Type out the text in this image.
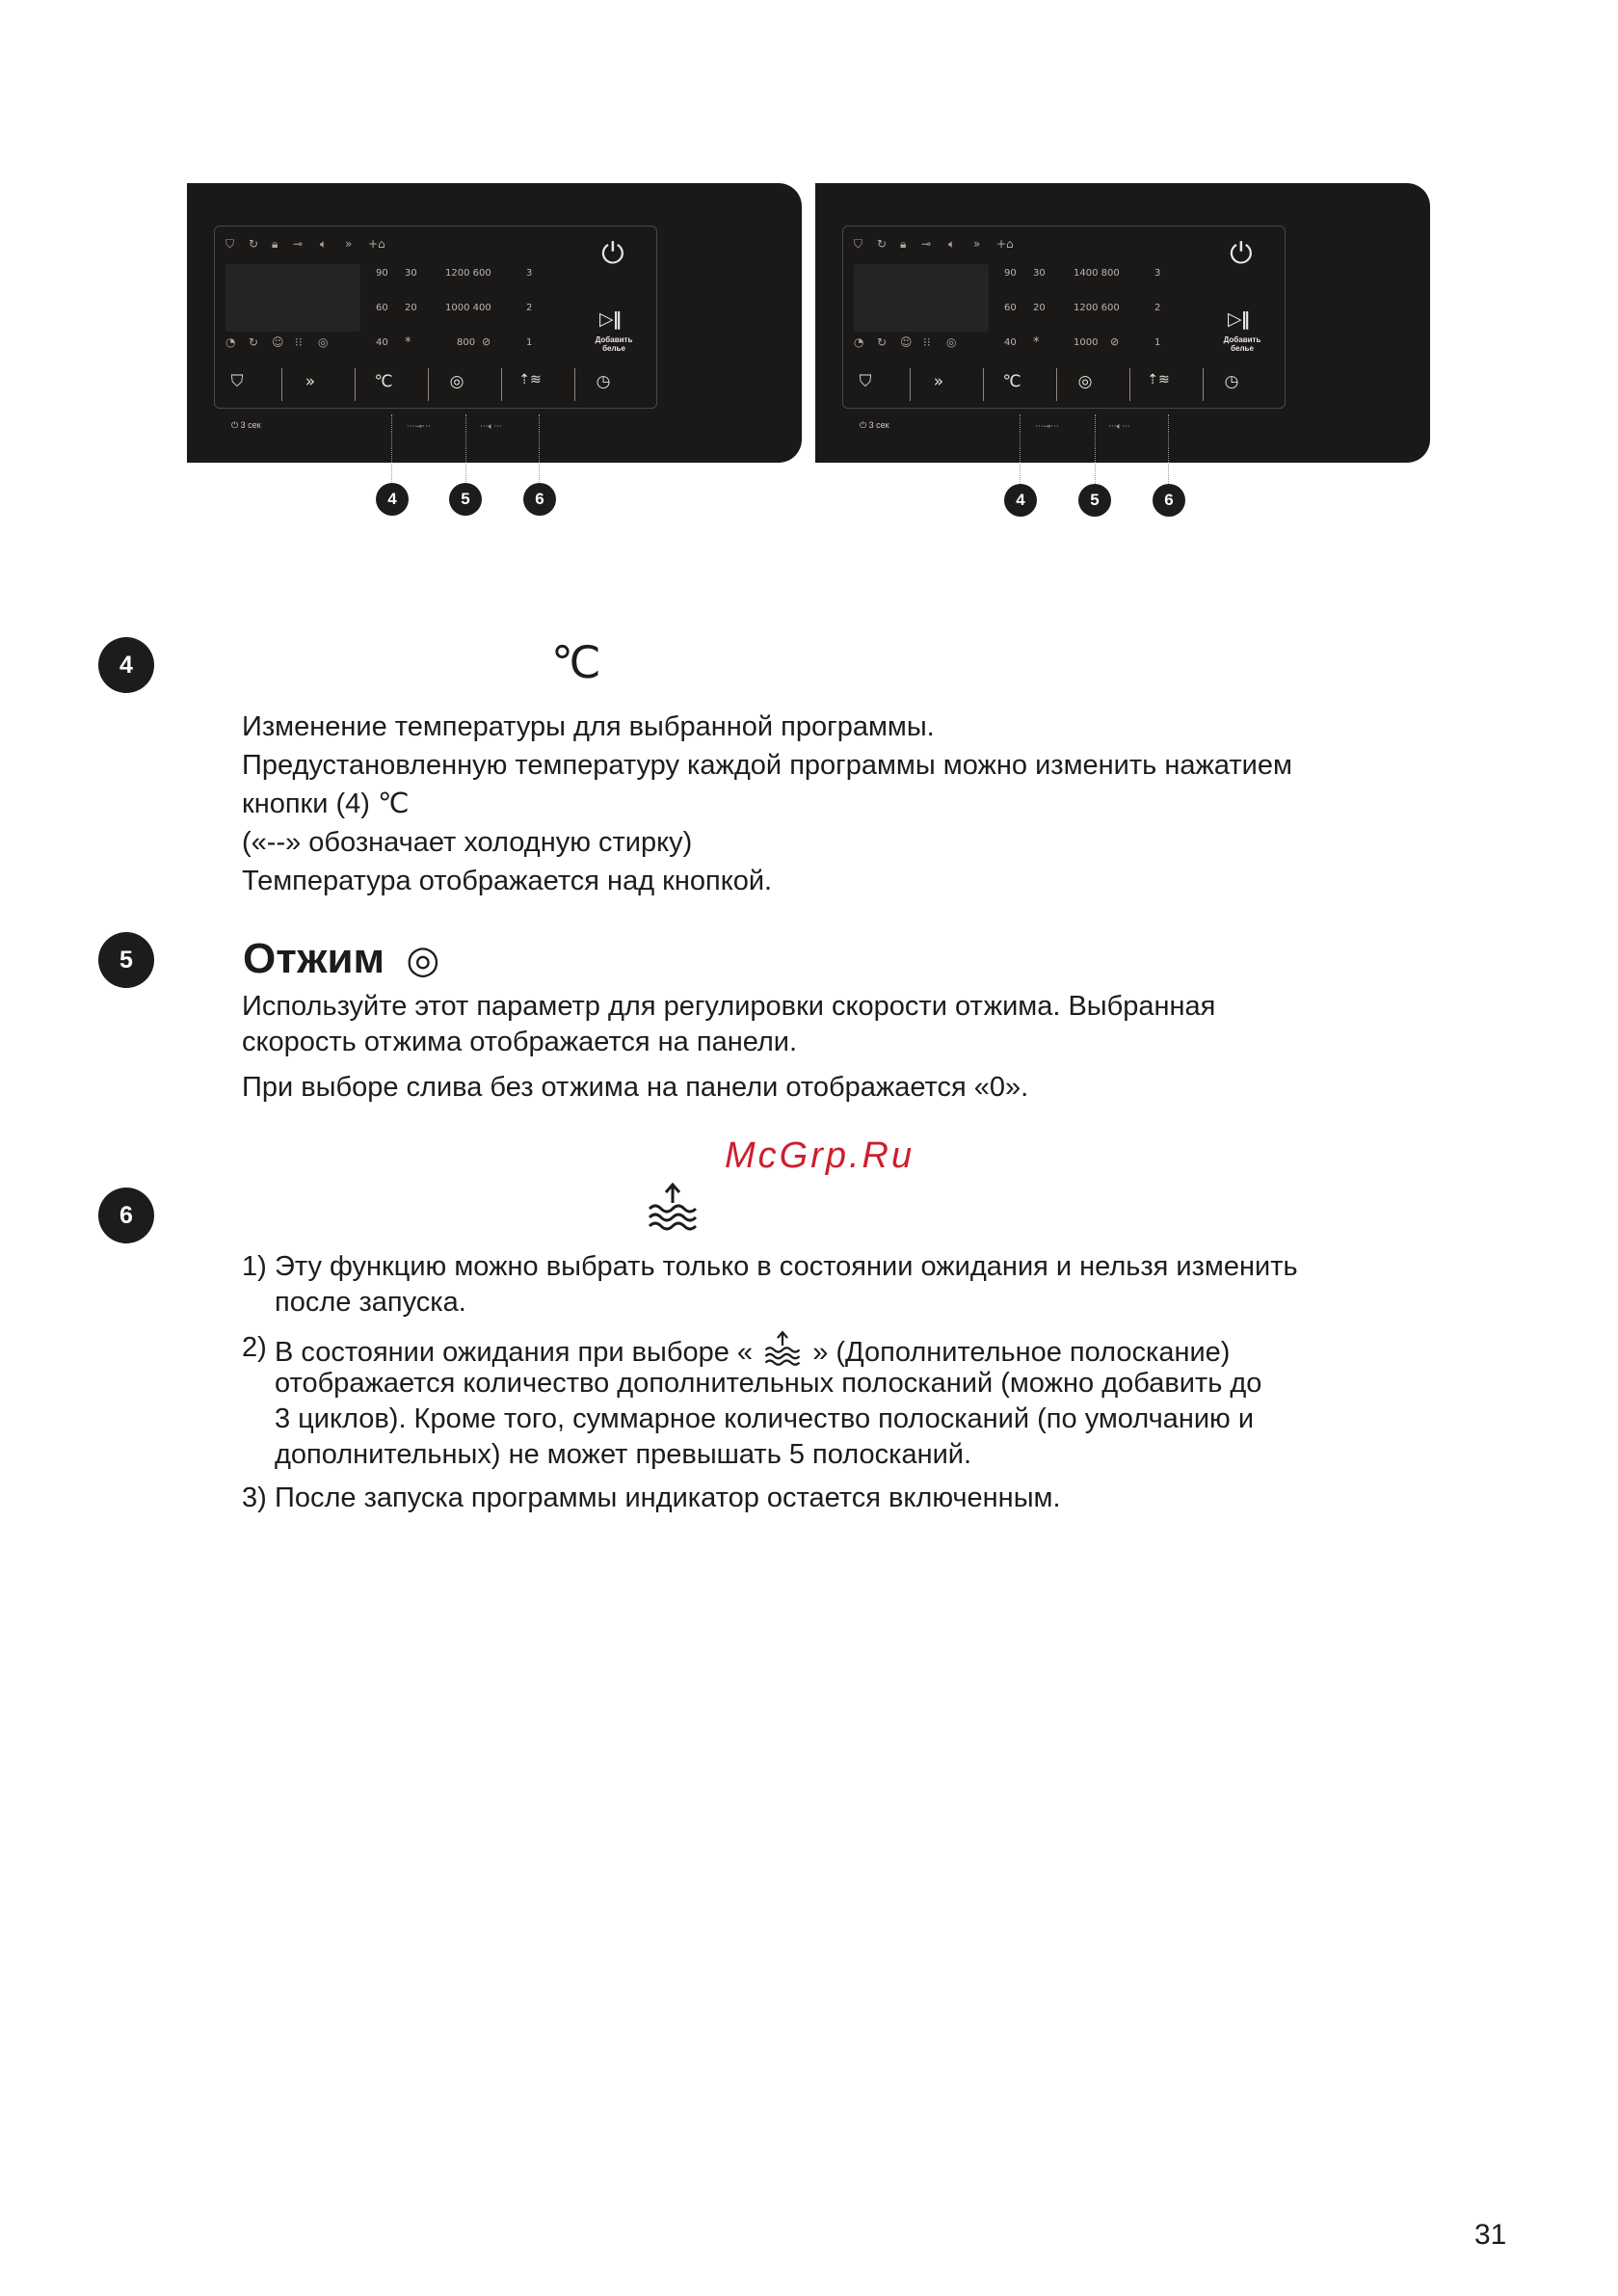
⛉ ↻ 🔒︎ ⊸ 🔈︎ » +⌂
90 30
60 20
40 *
1200 600
1000 400
800 ⊘
3
2
1
◔ ↻ ☺ ⁝⁝ ◎
⏻
▷‖
Добавить белье
⛉	»	℃	◎	⇡≋	◷
⏻ 3 сек	···⊸···	···🔈︎···
⛉ ↻ 🔒︎ ⊸ 🔈︎ » +⌂
90 30
60 20
40 *
1400 800
1200 600
1000 ⊘
3
2
1
◔ ↻ ☺ ⁝⁝ ◎
⏻
▷‖
Добавить белье
⛉	»	℃	◎	⇡≋	◷
⏻ 3 сек	···⊸···	···🔈︎···
4	5	6	4	5	6
4	℃
Изменение температуры для выбранной программы.
Предустановленную температуру каждой программы можно изменить нажатием
кнопки (4) ℃
(«--» обозначает холодную стирку)
Температура отображается над кнопкой.
5	Отжим ◎
Используйте этот параметр для регулировки скорости отжима. Выбранная
скорость отжима отображается на панели.
При выборе слива без отжима на панели отображается «0».
McGrp.Ru
6
1) Эту функцию можно выбрать только в состоянии ожидания и нельзя изменить
после запуска.
2) В состоянии ожидания при выборе « » (Дополнительное полоскание)
отображается количество дополнительных полосканий (можно добавить до
3 циклов). Кроме того, суммарное количество полосканий (по умолчанию и
дополнительных) не может превышать 5 полосканий.
3) После запуска программы индикатор остается включенным.
31
